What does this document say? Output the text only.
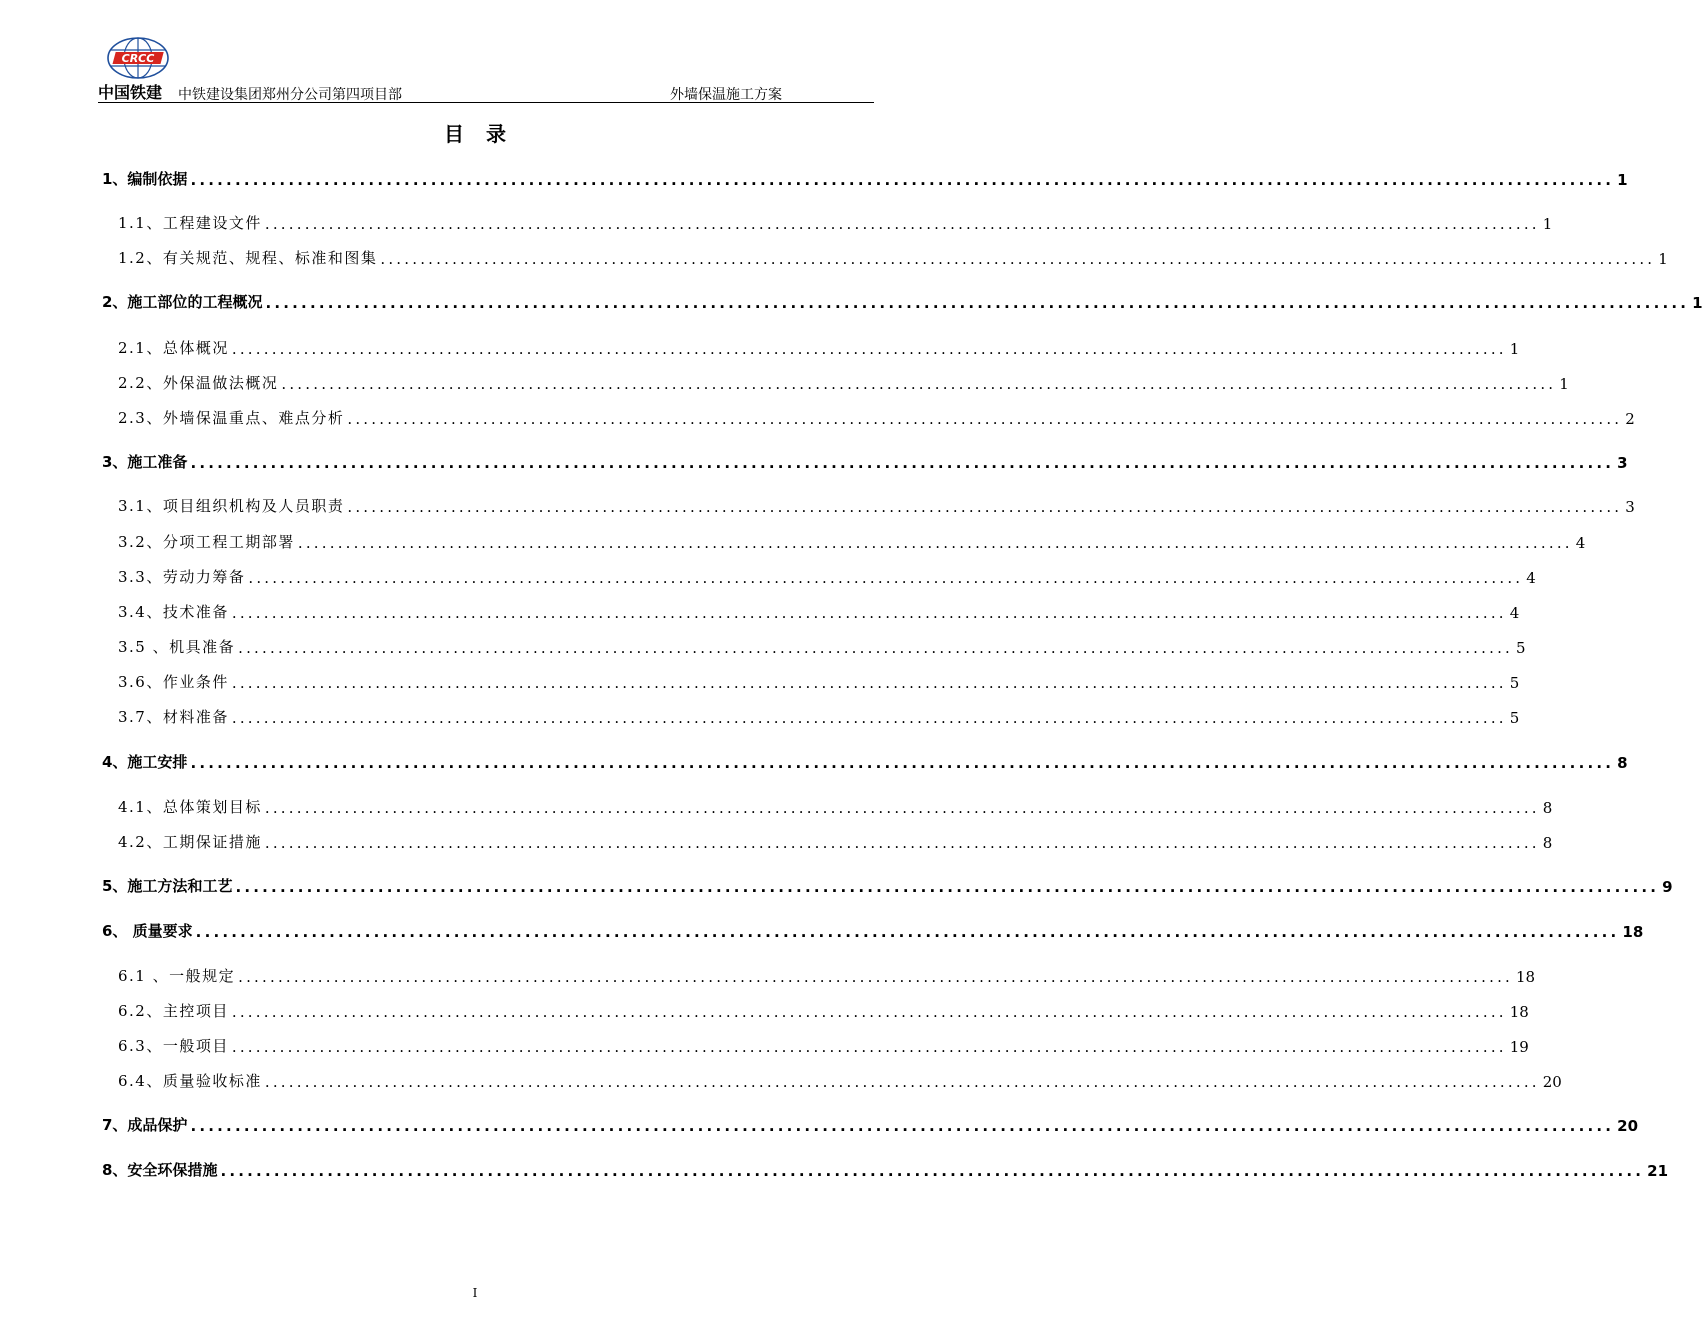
CRCC
中国铁建 中铁建设集团郑州分公司第四项目部	外墙保温施工方案
目录
1、编制依据 ................................................................................................................................................................ 1
1.1、工程建设文件 ................................................................................................................................................................ 1
1.2、有关规范、规程、标准和图集 ................................................................................................................................................................ 1
2、施工部位的工程概况 ................................................................................................................................................................ 1
2.1、总体概况 ................................................................................................................................................................ 1
2.2、外保温做法概况 ................................................................................................................................................................ 1
2.3、外墙保温重点、难点分析 ................................................................................................................................................................ 2
3、施工准备 ................................................................................................................................................................ 3
3.1、项目组织机构及人员职责 ................................................................................................................................................................ 3
3.2、分项工程工期部署 ................................................................................................................................................................ 4
3.3、劳动力筹备 ................................................................................................................................................................ 4
3.4、技术准备 ................................................................................................................................................................ 4
3.5 、机具准备 ................................................................................................................................................................ 5
3.6、作业条件 ................................................................................................................................................................ 5
3.7、材料准备 ................................................................................................................................................................ 5
4、施工安排 ................................................................................................................................................................ 8
4.1、总体策划目标 ................................................................................................................................................................ 8
4.2、工期保证措施 ................................................................................................................................................................ 8
5、施工方法和工艺 ................................................................................................................................................................ 9
6、 质量要求 ................................................................................................................................................................ 18
6.1 、一般规定 ................................................................................................................................................................ 18
6.2、主控项目 ................................................................................................................................................................ 18
6.3、一般项目 ................................................................................................................................................................ 19
6.4、质量验收标准 ................................................................................................................................................................ 20
7、成品保护 ................................................................................................................................................................ 20
8、安全环保措施 ................................................................................................................................................................ 21
I
